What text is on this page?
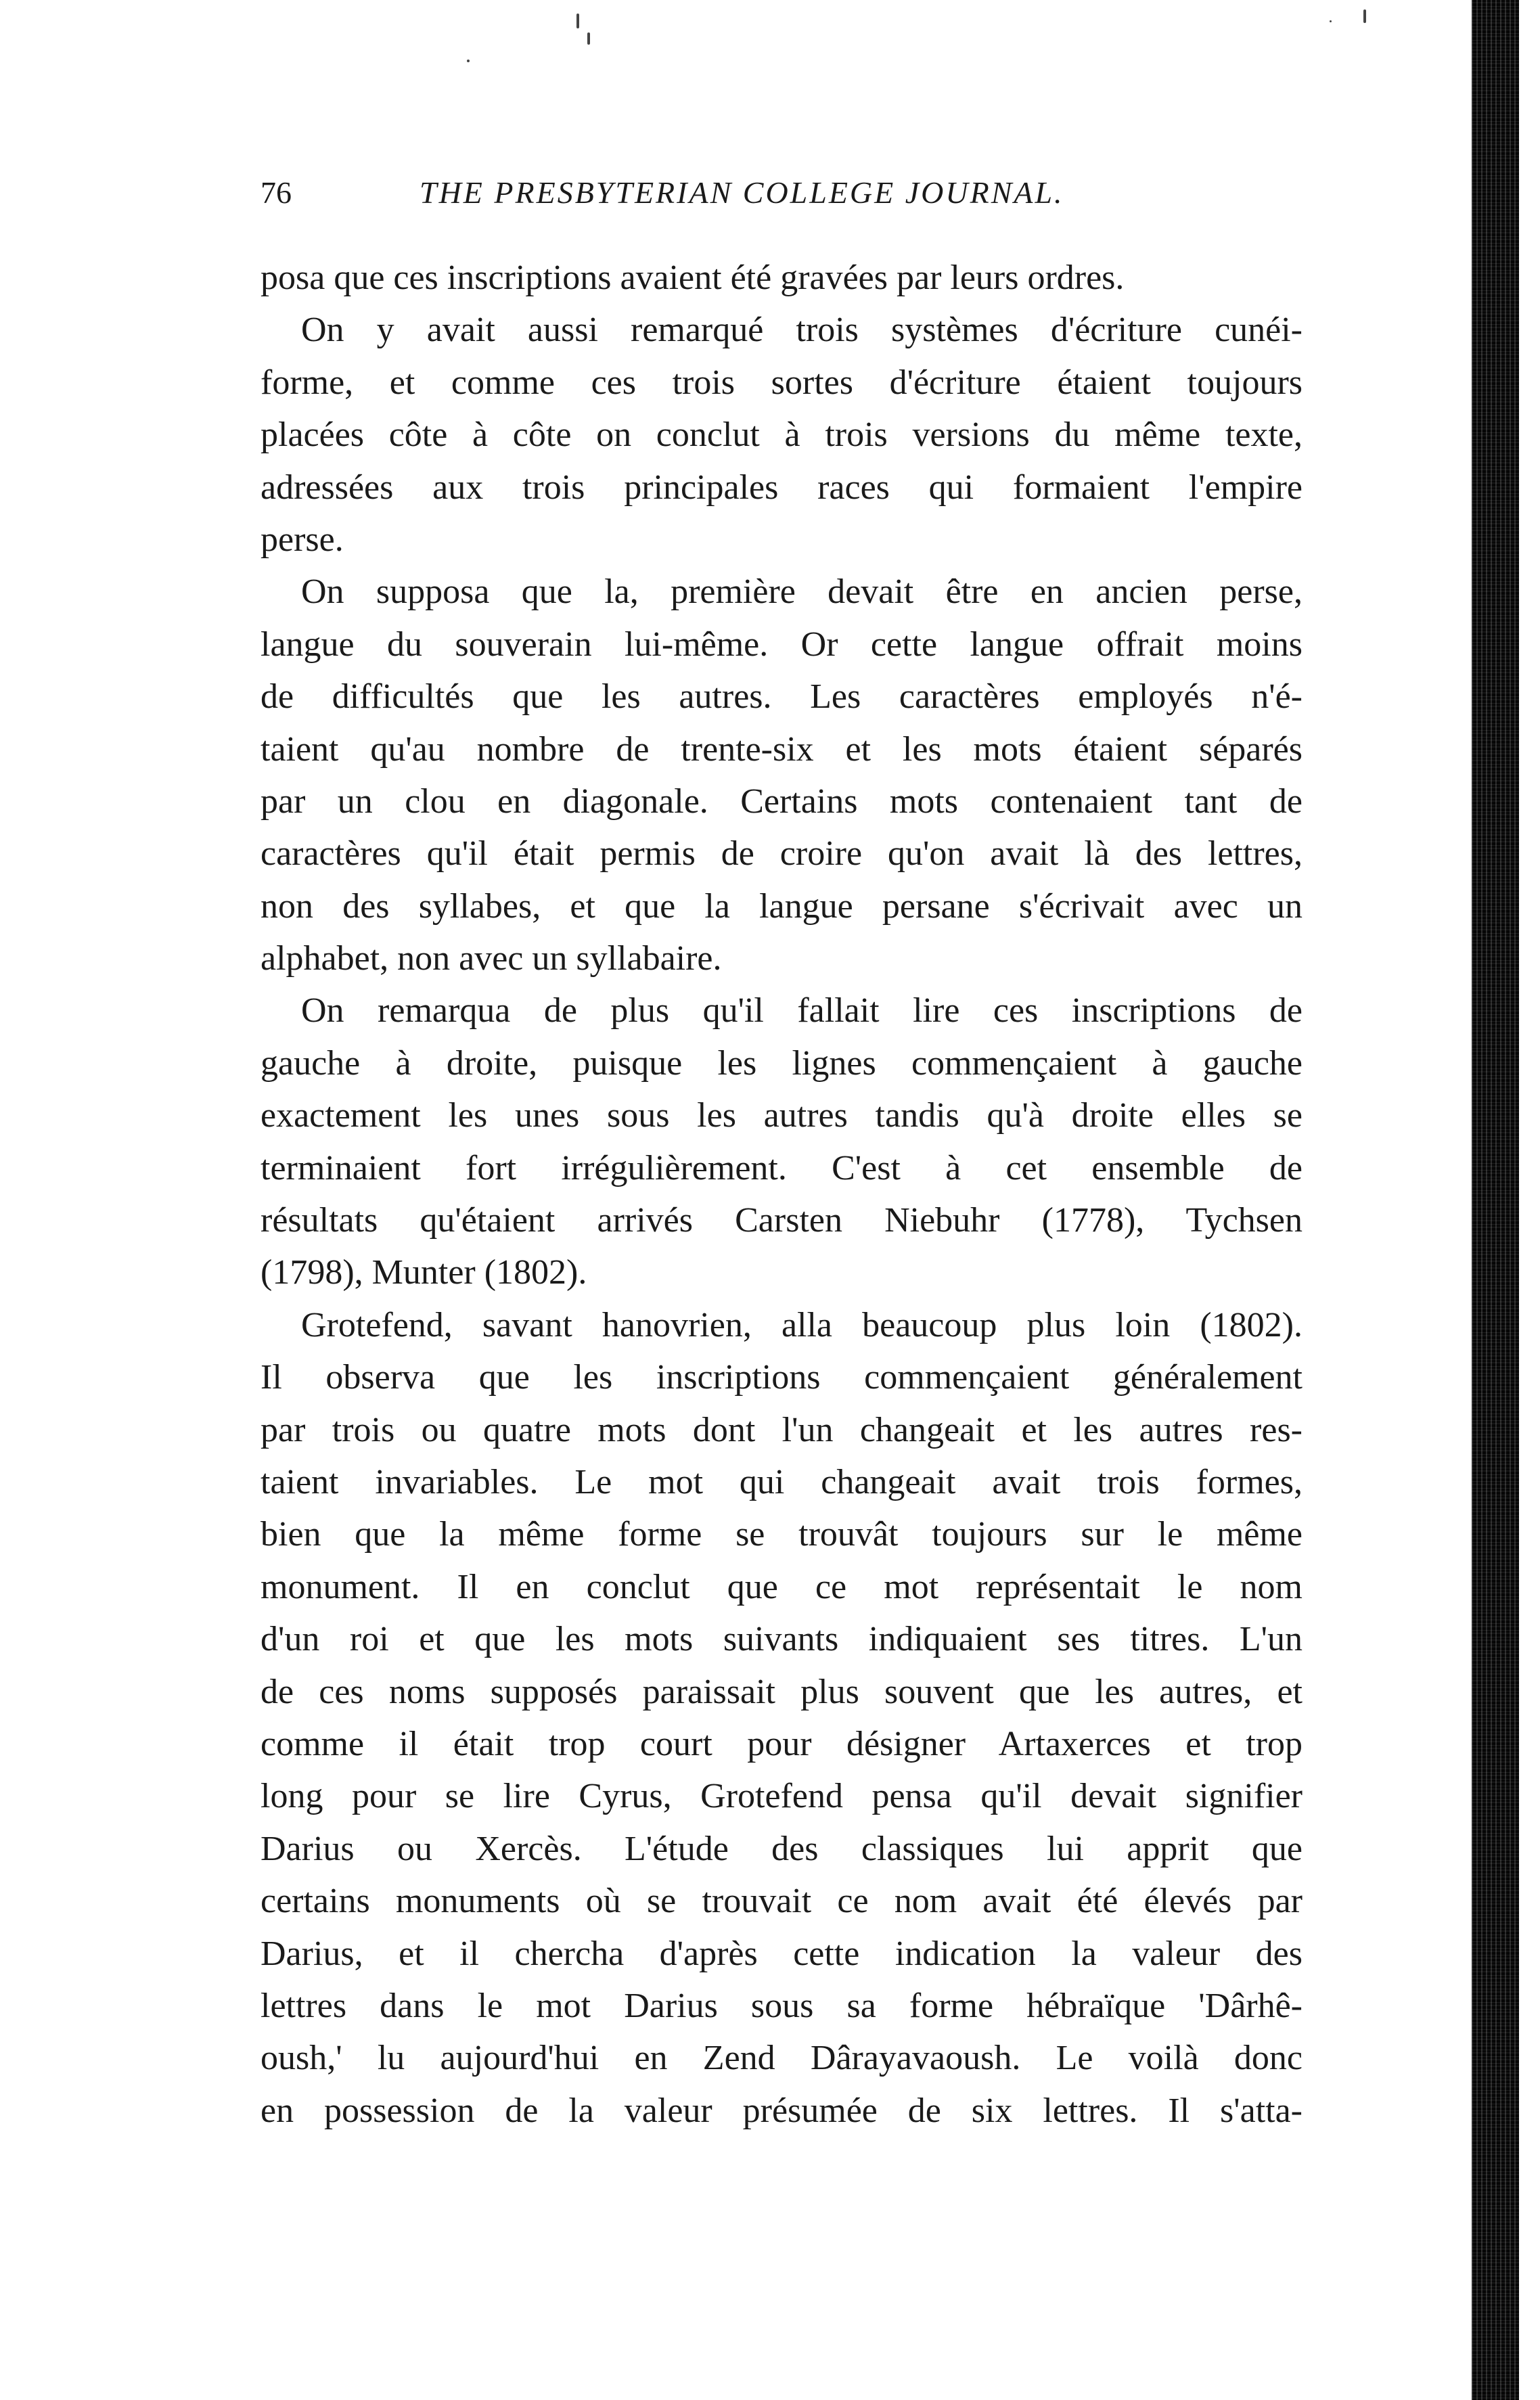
76	THE PRESBYTERIAN COLLEGE JOURNAL.
posa que ces inscriptions avaient été gravées par leurs ordres.
On y avait aussi remarqué trois systèmes d'écriture cunéi-
forme, et comme ces trois sortes d'écriture étaient toujours
placées côte à côte on conclut à trois versions du même texte,
adressées aux trois principales races qui formaient l'empire
perse.
On supposa que la, première devait être en ancien perse,
langue du souverain lui-même. Or cette langue offrait moins
de difficultés que les autres. Les caractères employés n'é-
taient qu'au nombre de trente-six et les mots étaient séparés
par un clou en diagonale. Certains mots contenaient tant de
caractères qu'il était permis de croire qu'on avait là des lettres,
non des syllabes, et que la langue persane s'écrivait avec un
alphabet, non avec un syllabaire.
On remarqua de plus qu'il fallait lire ces inscriptions de
gauche à droite, puisque les lignes commençaient à gauche
exactement les unes sous les autres tandis qu'à droite elles se
terminaient fort irrégulièrement. C'est à cet ensemble de
résultats qu'étaient arrivés Carsten Niebuhr (1778), Tychsen
(1798), Munter (1802).
Grotefend, savant hanovrien, alla beaucoup plus loin (1802).
Il observa que les inscriptions commençaient généralement
par trois ou quatre mots dont l'un changeait et les autres res-
taient invariables. Le mot qui changeait avait trois formes,
bien que la même forme se trouvât toujours sur le même
monument. Il en conclut que ce mot représentait le nom
d'un roi et que les mots suivants indiquaient ses titres. L'un
de ces noms supposés paraissait plus souvent que les autres, et
comme il était trop court pour désigner Artaxerces et trop
long pour se lire Cyrus, Grotefend pensa qu'il devait signifier
Darius ou Xercès. L'étude des classiques lui apprit que
certains monuments où se trouvait ce nom avait été élevés par
Darius, et il chercha d'après cette indication la valeur des
lettres dans le mot Darius sous sa forme hébraïque 'Dârhê-
oush,' lu aujourd'hui en Zend Dârayavaoush. Le voilà donc
en possession de la valeur présumée de six lettres. Il s'atta-
